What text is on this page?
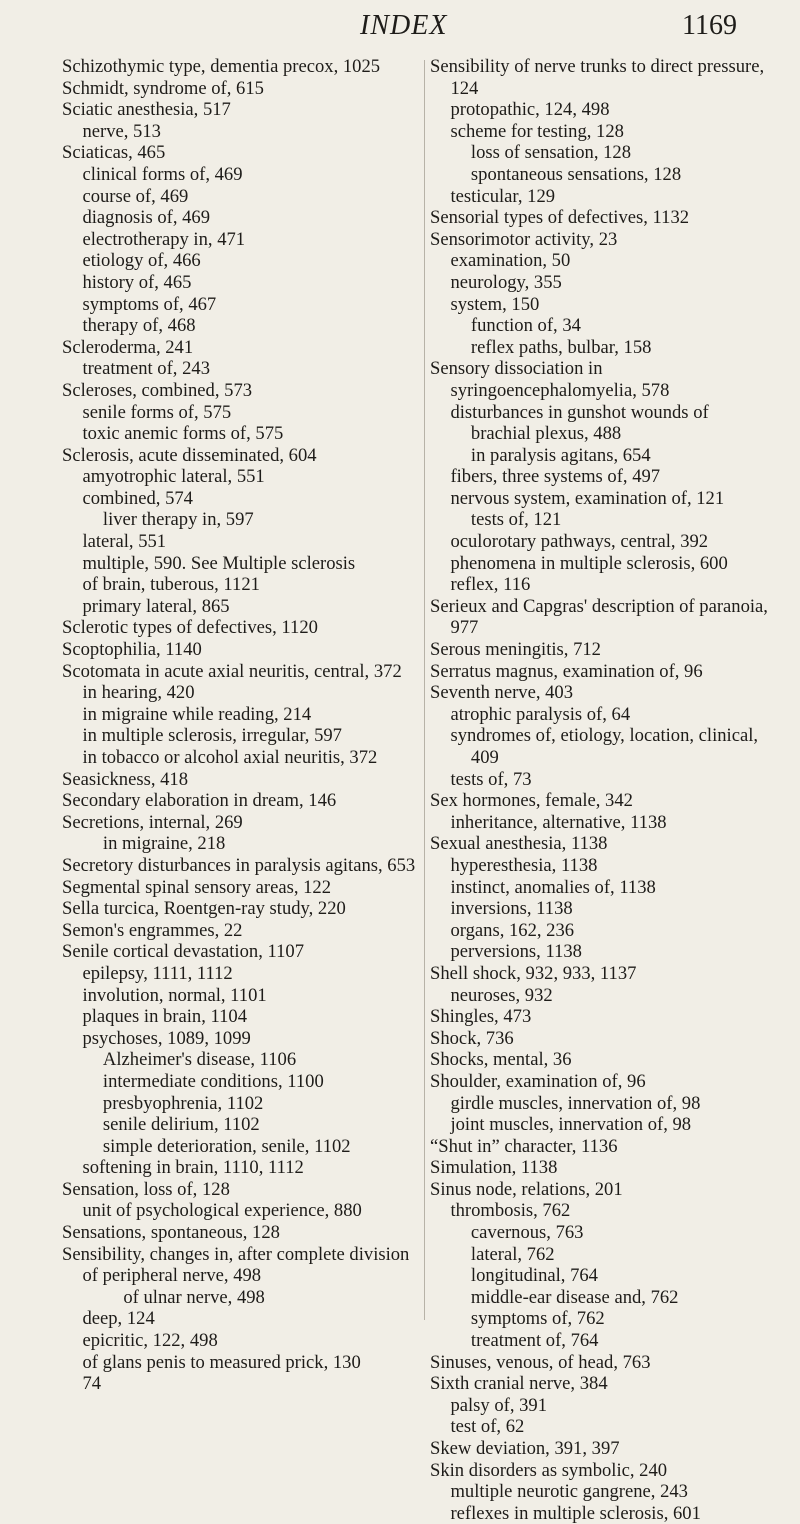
INDEX	1169

Schizothymic type, dementia precox, 1025

Schmidt, syndrome of, 615

Sciatic anesthesia, 517

nerve, 513

Sciaticas, 465

clinical forms of, 469

course of, 469

diagnosis of, 469

electrotherapy in, 471

etiology of, 466

history of, 465

symptoms of, 467

therapy of, 468

Scleroderma, 241

treatment of, 243

Scleroses, combined, 573

senile forms of, 575

toxic anemic forms of, 575

Sclerosis, acute disseminated, 604

amyotrophic lateral, 551

combined, 574

liver therapy in, 597

lateral, 551

multiple, 590. See Multiple sclerosis

of brain, tuberous, 1121

primary lateral, 865

Sclerotic types of defectives, 1120

Scoptophilia, 1140

Scotomata in acute axial neuritis, central, 372

in hearing, 420

in migraine while reading, 214

in multiple sclerosis, irregular, 597

in tobacco or alcohol axial neuritis, 372

Seasickness, 418

Secondary elaboration in dream, 146

Secretions, internal, 269

in migraine, 218

Secretory disturbances in paralysis agitans, 653

Segmental spinal sensory areas, 122

Sella turcica, Roentgen-ray study, 220

Semon's engrammes, 22

Senile cortical devastation, 1107

epilepsy, 1111, 1112

involution, normal, 1101

plaques in brain, 1104

psychoses, 1089, 1099

Alzheimer's disease, 1106

intermediate conditions, 1100

presbyophrenia, 1102

senile delirium, 1102

simple deterioration, senile, 1102

softening in brain, 1110, 1112

Sensation, loss of, 128

unit of psychological experience, 880

Sensations, spontaneous, 128

Sensibility, changes in, after complete division of peripheral nerve, 498

of ulnar nerve, 498

deep, 124

epicritic, 122, 498

of glans penis to measured prick, 130

74

Sensibility of nerve trunks to direct pressure, 124

protopathic, 124, 498

scheme for testing, 128

loss of sensation, 128

spontaneous sensations, 128

testicular, 129

Sensorial types of defectives, 1132

Sensorimotor activity, 23

examination, 50

neurology, 355

system, 150

function of, 34

reflex paths, bulbar, 158

Sensory dissociation in syringoencephalomyelia, 578

disturbances in gunshot wounds of brachial plexus, 488

in paralysis agitans, 654

fibers, three systems of, 497

nervous system, examination of, 121

tests of, 121

oculorotary pathways, central, 392

phenomena in multiple sclerosis, 600

reflex, 116

Serieux and Capgras' description of paranoia, 977

Serous meningitis, 712

Serratus magnus, examination of, 96

Seventh nerve, 403

atrophic paralysis of, 64

syndromes of, etiology, location, clinical, 409

tests of, 73

Sex hormones, female, 342

inheritance, alternative, 1138

Sexual anesthesia, 1138

hyperesthesia, 1138

instinct, anomalies of, 1138

inversions, 1138

organs, 162, 236

perversions, 1138

Shell shock, 932, 933, 1137

neuroses, 932

Shingles, 473

Shock, 736

Shocks, mental, 36

Shoulder, examination of, 96

girdle muscles, innervation of, 98

joint muscles, innervation of, 98

“Shut in” character, 1136

Simulation, 1138

Sinus node, relations, 201

thrombosis, 762

cavernous, 763

lateral, 762

longitudinal, 764

middle-ear disease and, 762

symptoms of, 762

treatment of, 764

Sinuses, venous, of head, 763

Sixth cranial nerve, 384

palsy of, 391

test of, 62

Skew deviation, 391, 397

Skin disorders as symbolic, 240

multiple neurotic gangrene, 243

reflexes in multiple sclerosis, 601
